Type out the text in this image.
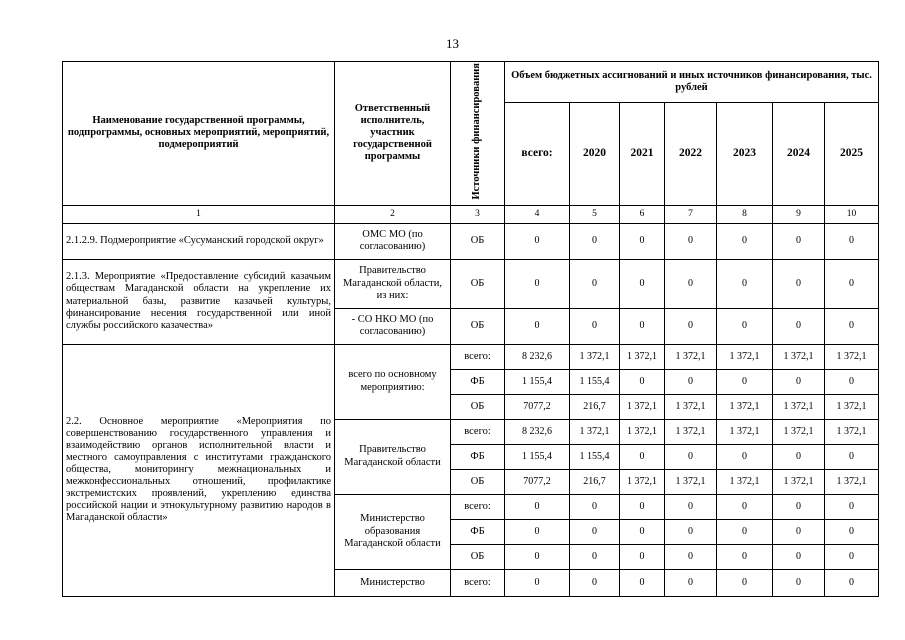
13
Наименование государственной программы, подпрограммы, основных мероприятий, мероприятий, подмероприятий	Ответственный исполнитель, участник государственной программы	Источники финансирования	Объем бюджетных ассигнований и иных источников финансирования, тыс. рублей						
			всего:	2020	2021	2022	2023	2024	2025
1	2	3	4	5	6	7	8	9	10
2.1.2.9. Подмероприятие «Сусуманский городской округ»	ОМС МО (по согласованию)	ОБ	0	0	0	0	0	0	0
2.1.3. Мероприятие «Предоставление субсидий казачьим обществам Магаданской области на укрепление их материальной базы, развитие казачьей культуры, финансирование несения государственной или иной службы российского казачества»	Правительство Магаданской области, из них:	ОБ	0	0	0	0	0	0	0
	- СО НКО МО (по согласованию)	ОБ	0	0	0	0	0	0	0
2.2. Основное мероприятие «Мероприятия по совершенствованию государственного управления и взаимодействию органов исполнительной власти и местного самоуправления с институтами гражданского общества, мониторингу межнациональных и межконфессиональных отношений, профилактике экстремистских проявлений, укреплению единства российской нации и этнокультурному развитию народов в Магаданской области»	всего по основному мероприятию:	всего:	8 232,6	1 372,1	1 372,1	1 372,1	1 372,1	1 372,1	1 372,1
		ФБ	1 155,4	1 155,4	0	0	0	0	0
		ОБ	7077,2	216,7	1 372,1	1 372,1	1 372,1	1 372,1	1 372,1
	Правительство Магаданской области	всего:	8 232,6	1 372,1	1 372,1	1 372,1	1 372,1	1 372,1	1 372,1
		ФБ	1 155,4	1 155,4	0	0	0	0	0
		ОБ	7077,2	216,7	1 372,1	1 372,1	1 372,1	1 372,1	1 372,1
	Министерство образования Магаданской области	всего:	0	0	0	0	0	0	0
		ФБ	0	0	0	0	0	0	0
		ОБ	0	0	0	0	0	0	0
	Министерство	всего:	0	0	0	0	0	0	0
